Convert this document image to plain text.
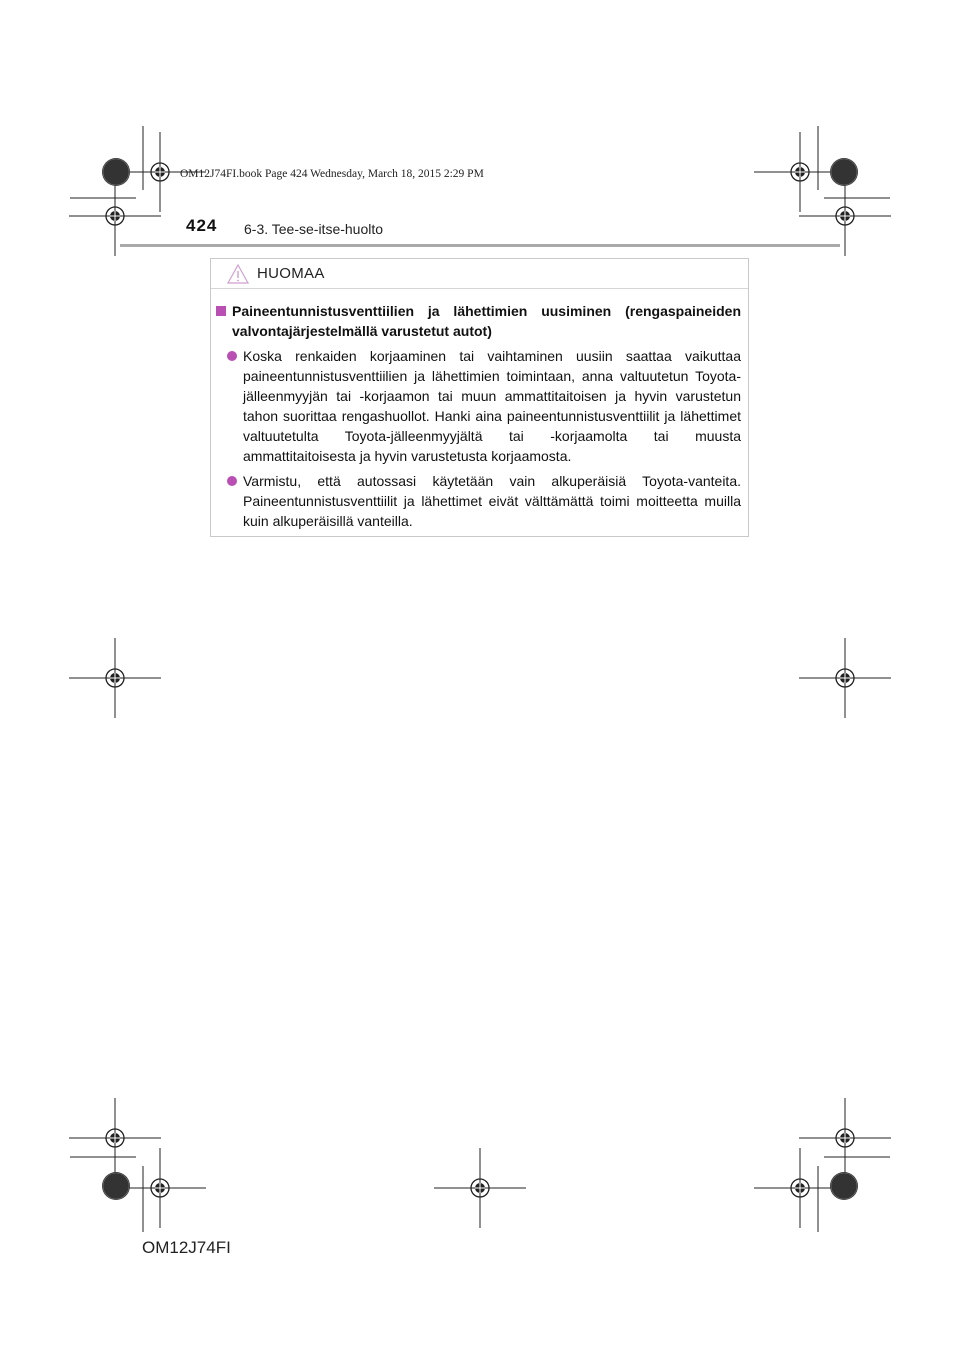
OM12J74FI.book Page 424 Wednesday, March 18, 2015 2:29 PM
424 6-3. Tee-se-itse-huolto
HUOMAA
Paineentunnistusventtiilien ja lähettimien uusiminen (rengaspaineiden valvontajärjestelmällä varustetut autot)
Koska renkaiden korjaaminen tai vaihtaminen uusiin saattaa vaikuttaa paineentunnistusventtiilien ja lähettimien toimintaan, anna valtuutetun Toyota-jälleenmyyjän tai -korjaamon tai muun ammattitaitoisen ja hyvin varustetun tahon suorittaa rengashuollot. Hanki aina paineentunnistusventtiilit ja lähettimet valtuutetulta Toyota-jälleenmyyjältä tai -korjaamolta tai muusta ammattitaitoisesta ja hyvin varustetusta korjaamosta.
Varmistu, että autossasi käytetään vain alkuperäisiä Toyota-vanteita. Paineentunnistusventtiilit ja lähettimet eivät välttämättä toimi moitteetta muilla kuin alkuperäisillä vanteilla.
OM12J74FI
